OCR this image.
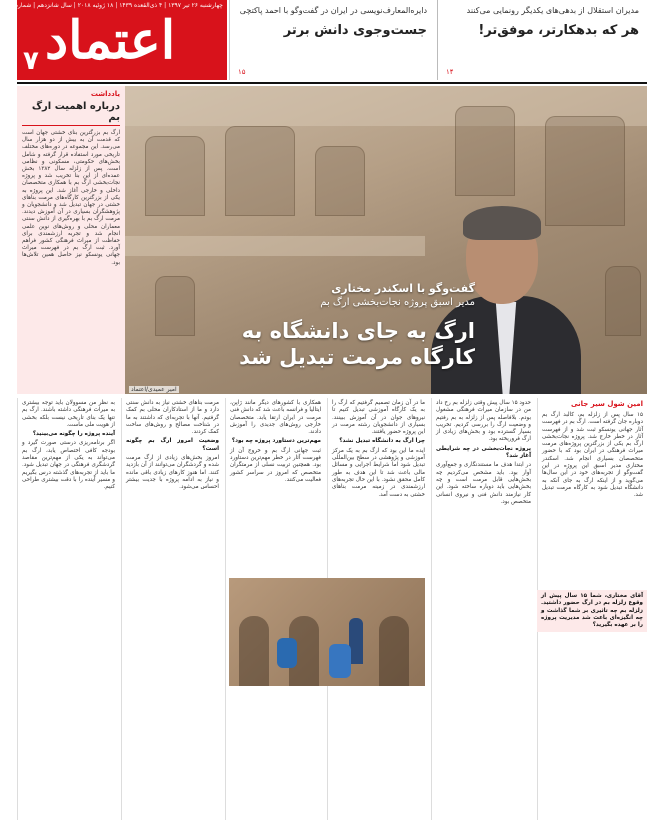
چهارشنبه ۲۶ تیر ۱۳۹۷ | ۴ ذی‌القعده ۱۴۳۹ | ۱۸ ژوئیه ۲۰۱۸ | سال شانزدهم | شماره ۴۲۸۲
اعتماد
۷
دایره‌المعارف‌نویسی در ایران در گفت‌وگو با احمد پاکتچی
جست‌وجوی دانش برتر
۱۵
مدیران استقلال از بدهی‌های یکدیگر رونمایی می‌کنند
هر که بدهکارتر، موفق‌تر!
۱۴
یادداشت
درباره اهمیت ارگ بم
ارگ بم بزرگترین بنای خشتی جهان است که قدمت آن به بیش از دو هزار سال می‌رسد. این مجموعه در دوره‌های مختلف تاریخی مورد استفاده قرار گرفته و شامل بخش‌های حکومتی، مسکونی و نظامی است. پس از زلزله سال ۱۳۸۲ بخش عمده‌ای از این بنا تخریب شد و پروژه نجات‌بخشی ارگ بم با همکاری متخصصان داخلی و خارجی آغاز شد. این پروژه به یکی از بزرگترین کارگاه‌های مرمت بناهای خشتی در جهان تبدیل شد و دانشجویان و پژوهشگران بسیاری در آن آموزش دیدند. مرمت ارگ بم با بهره‌گیری از دانش سنتی معماران محلی و روش‌های نوین علمی انجام شد و تجربه ارزشمندی برای حفاظت از میراث فرهنگی کشور فراهم آورد. ثبت ارگ بم در فهرست میراث جهانی یونسکو نیز حاصل همین تلاش‌ها بود.
گفت‌وگو با اسکندر مختاری
مدیر اسبق پروژه نجات‌بخشی ارگ بم
ارگ به جای دانشگاه به کارگاه مرمت تبدیل شد
امیر عمیدی/اعتماد
امین شول سیر جانی

۱۵ سال پس از زلزله بم، کالبد ارگ بم دوباره جان گرفته است. ارگ بم در فهرست آثار جهانی یونسکو ثبت شد و از فهرست آثار در خطر خارج شد. پروژه نجات‌بخشی ارگ بم یکی از بزرگترین پروژه‌های مرمت میراث فرهنگی در ایران بود که با حضور متخصصان بسیاری انجام شد. اسکندر مختاری مدیر اسبق این پروژه در این گفت‌وگو از تجربه‌های خود در این سال‌ها می‌گوید و از اینکه ارگ به جای آنکه به دانشگاه تبدیل شود به کارگاه مرمت تبدیل شد.

حدود ۱۵ سال پیش وقتی زلزله بم رخ داد من در سازمان میراث فرهنگی مشغول بودم. بلافاصله پس از زلزله به بم رفتیم و وضعیت ارگ را بررسی کردیم. تخریب بسیار گسترده بود و بخش‌های زیادی از ارگ فروریخته بود.

پروژه نجات‌بخشی در چه شرایطی آغاز شد؟

در ابتدا هدف ما مستندنگاری و جمع‌آوری آوار بود. باید مشخص می‌کردیم چه بخش‌هایی قابل مرمت است و چه بخش‌هایی باید دوباره ساخته شود. این کار نیازمند دانش فنی و نیروی انسانی متخصص بود.

ما در آن زمان تصمیم گرفتیم که ارگ را به یک کارگاه آموزشی تبدیل کنیم تا نیروهای جوان در آن آموزش ببینند. بسیاری از دانشجویان رشته مرمت در این پروژه حضور یافتند.

چرا ارگ به دانشگاه تبدیل نشد؟

ایده ما این بود که ارگ بم به یک مرکز آموزشی و پژوهشی در سطح بین‌المللی تبدیل شود اما شرایط اجرایی و مسائل مالی باعث شد تا این هدف به طور کامل محقق نشود. با این حال تجربه‌های ارزشمندی در زمینه مرمت بناهای خشتی به دست آمد.

همکاری با کشورهای دیگر مانند ژاپن، ایتالیا و فرانسه باعث شد که دانش فنی مرمت در ایران ارتقا یابد. متخصصان خارجی روش‌های جدیدی را آموزش دادند.

مهم‌ترین دستاورد پروژه چه بود؟

ثبت جهانی ارگ بم و خروج آن از فهرست آثار در خطر مهم‌ترین دستاورد بود. همچنین تربیت نسلی از مرمتگران متخصص که امروز در سراسر کشور فعالیت می‌کنند.

مرمت بناهای خشتی نیاز به دانش سنتی دارد و ما از استادکاران محلی بم کمک گرفتیم. آنها با تجربه‌ای که داشتند به ما در شناخت مصالح و روش‌های ساخت کمک کردند.

وضعیت امروز ارگ بم چگونه است؟

امروز بخش‌های زیادی از ارگ مرمت شده و گردشگران می‌توانند از آن بازدید کنند. اما هنوز کارهای زیادی باقی مانده و نیاز به ادامه پروژه با جدیت بیشتر احساس می‌شود.

به نظر من مسوولان باید توجه بیشتری به میراث فرهنگی داشته باشند. ارگ بم تنها یک بنای تاریخی نیست بلکه بخشی از هویت ملی ماست.

آینده پروژه را چگونه می‌بینید؟

اگر برنامه‌ریزی درستی صورت گیرد و بودجه کافی اختصاص یابد، ارگ بم می‌تواند به یکی از مهم‌ترین مقاصد گردشگری فرهنگی در جهان تبدیل شود. ما باید از تجربه‌های گذشته درس بگیریم و مسیر آینده را با دقت بیشتری طراحی کنیم.

آقای مختاری، شما ۱۵ سال پیش از وقوع زلزله بم در ارگ حضور داشتید. زلزله بم چه تاثیری بر شما گذاشت و چه انگیزه‌ای باعث شد مدیریت پروژه را بر عهده بگیرید؟
